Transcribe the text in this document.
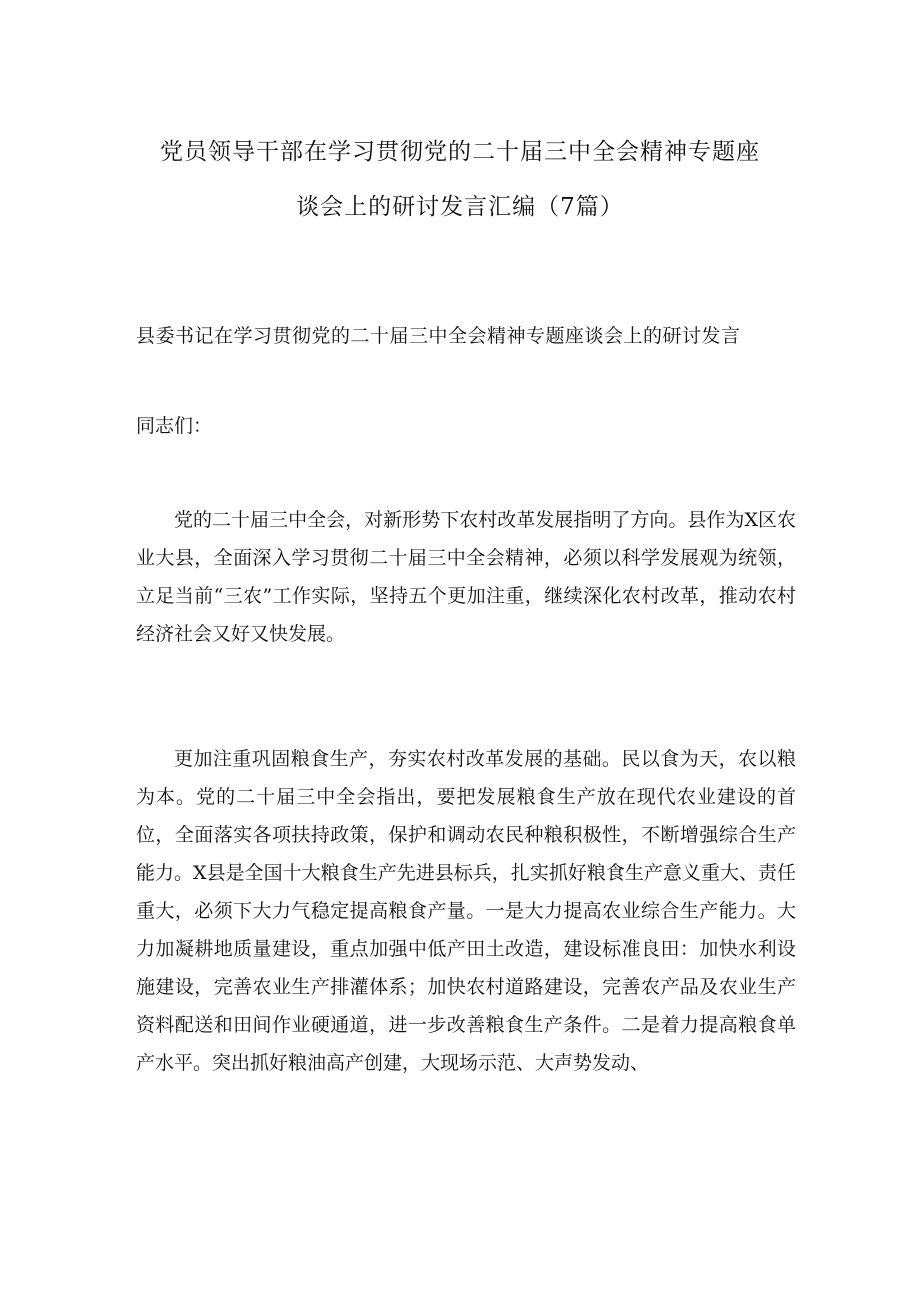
党员领导干部在学习贯彻党的二十届三中全会精神专题座
谈会上的研讨发言汇编（7篇）
县委书记在学习贯彻党的二十届三中全会精神专题座谈会上的研讨发言
同志们：

党的二十届三中全会，对新形势下农村改革发展指明了方向。县作为X区农业大县，全面深入学习贯彻二十届三中全会精神，必须以科学发展观为统领，立足当前“三农”工作实际，坚持五个更加注重，继续深化农村改革，推动农村经济社会又好又快发展。

更加注重巩固粮食生产，夯实农村改革发展的基础。民以食为天，农以粮为本。党的二十届三中全会指出，要把发展粮食生产放在现代农业建设的首位，全面落实各项扶持政策，保护和调动农民种粮积极性，不断增强综合生产能力。X县是全国十大粮食生产先进县标兵，扎实抓好粮食生产意义重大、责任重大，必须下大力气稳定提高粮食产量。一是大力提高农业综合生产能力。大力加凝耕地质量建设，重点加强中低产田土改造，建设标准良田：加快水利设施建设，完善农业生产排灌体系；加快农村道路建设，完善农产品及农业生产资料配送和田间作业硬通道，进一步改善粮食生产条件。二是着力提高粮食单产水平。突出抓好粮油高产创建，大现场示范、大声势发动、
